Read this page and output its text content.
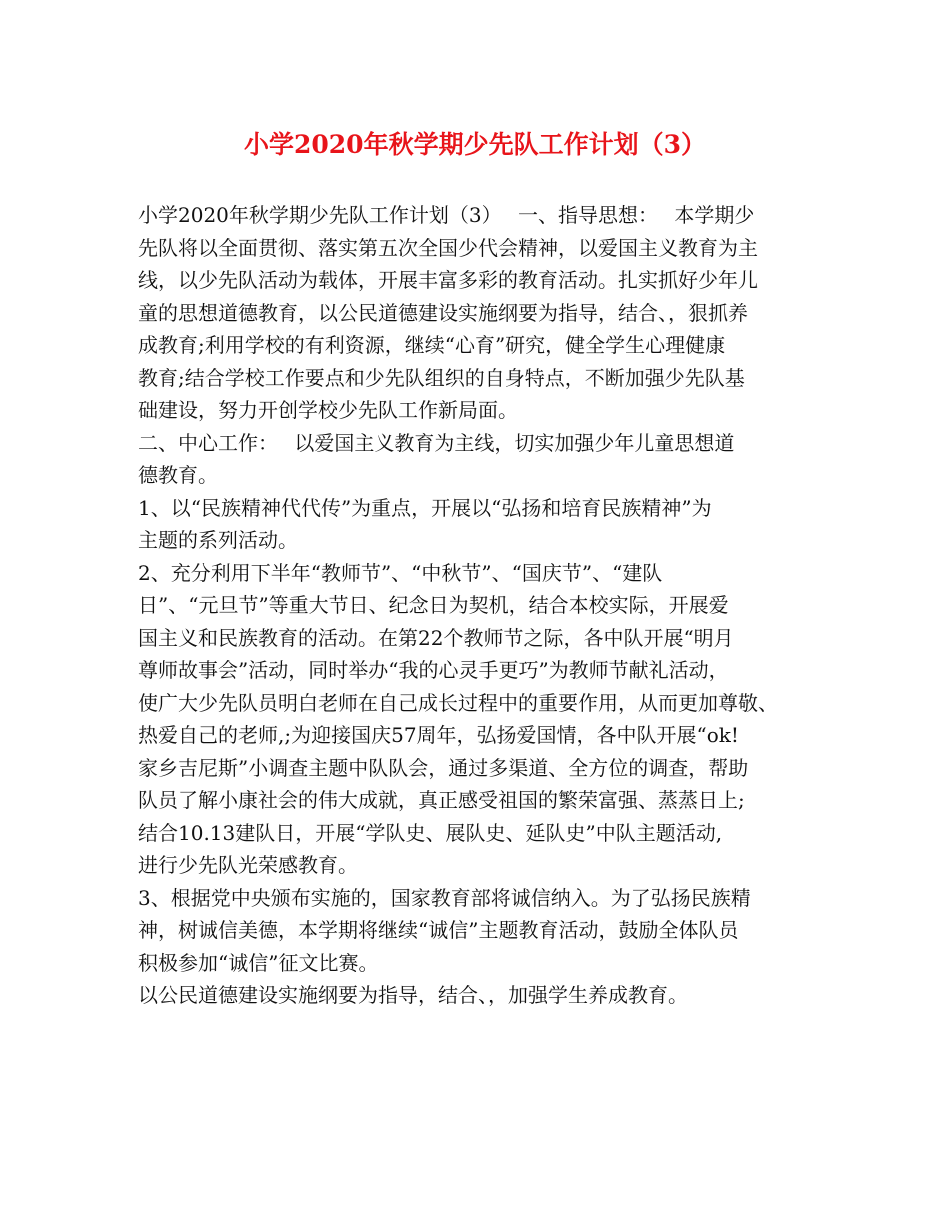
小学2020年秋学期少先队工作计划（3）
小学2020年秋学期少先队工作计划（3）　 一、指导思想：　 本学期少
先队将以全面贯彻、落实第五次全国少代会精神，以爱国主义教育为主
线，以少先队活动为载体，开展丰富多彩的教育活动。扎实抓好少年儿
童的思想道德教育，以公民道德建设实施纲要为指导，结合、，狠抓养
成教育;利用学校的有利资源，继续“心育”研究，健全学生心理健康
教育;结合学校工作要点和少先队组织的自身特点，不断加强少先队基
础建设，努力开创学校少先队工作新局面。
二、中心工作：　 以爱国主义教育为主线，切实加强少年儿童思想道
德教育。
1、以“民族精神代代传”为重点，开展以“弘扬和培育民族精神”为
主题的系列活动。
2、充分利用下半年“教师节”、“中秋节”、“国庆节”、“建队
日”、“元旦节”等重大节日、纪念日为契机，结合本校实际，开展爱
国主义和民族教育的活动。在第22个教师节之际，各中队开展“明月
尊师故事会”活动，同时举办“我的心灵手更巧”为教师节献礼活动，
使广大少先队员明白老师在自己成长过程中的重要作用，从而更加尊敬、
热爱自己的老师,;为迎接国庆57周年，弘扬爱国情，各中队开展“ok!
家乡吉尼斯”小调查主题中队队会，通过多渠道、全方位的调查，帮助
队员了解小康社会的伟大成就，真正感受祖国的繁荣富强、蒸蒸日上;
结合10.13建队日，开展“学队史、展队史、延队史”中队主题活动,
进行少先队光荣感教育。
3、根据党中央颁布实施的，国家教育部将诚信纳入。为了弘扬民族精
神，树诚信美德，本学期将继续“诚信”主题教育活动，鼓励全体队员
积极参加“诚信”征文比赛。
以公民道德建设实施纲要为指导，结合、，加强学生养成教育。
